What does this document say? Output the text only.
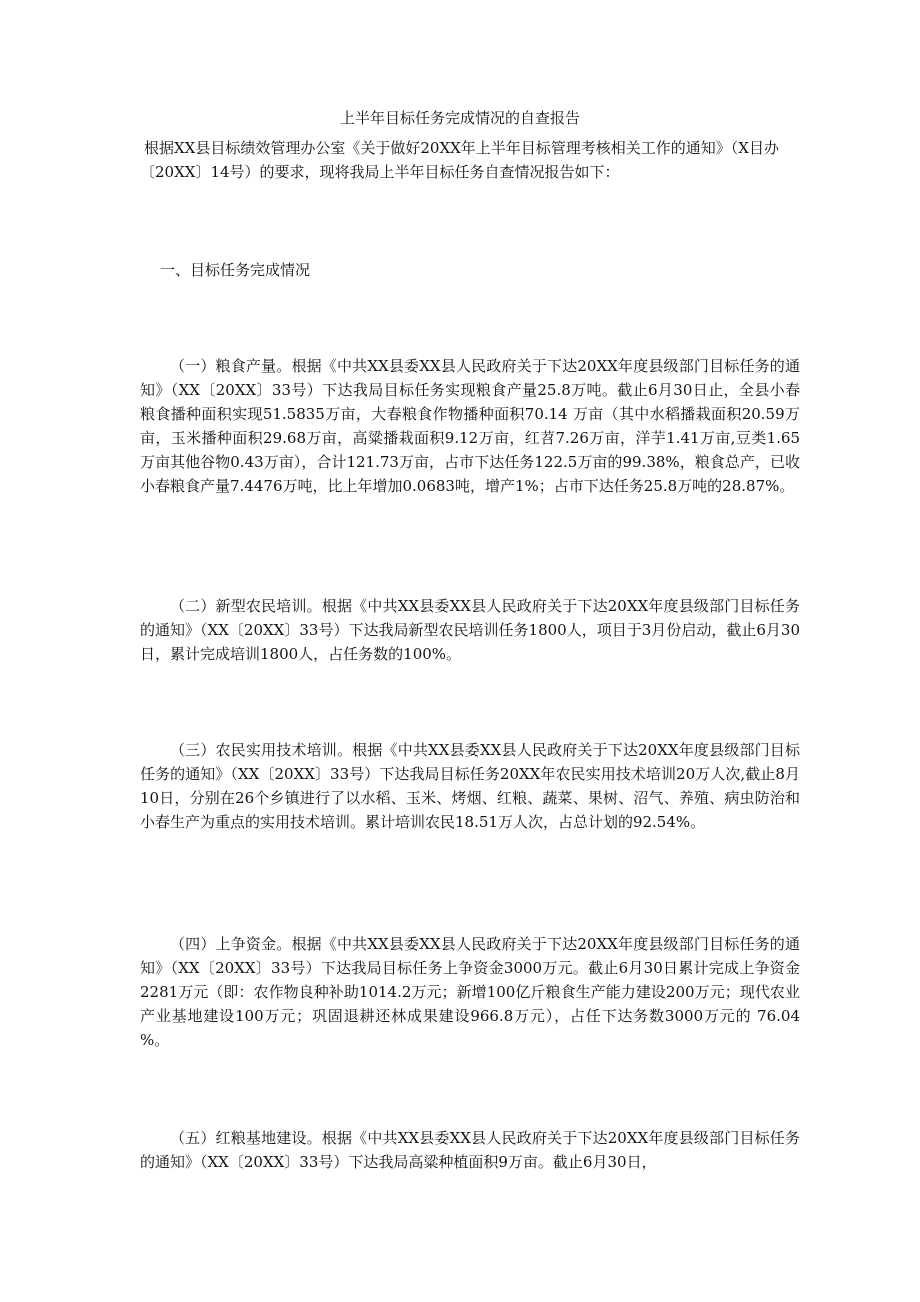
上半年目标任务完成情况的自查报告

根据XX县目标绩效管理办公室《关于做好20XX年上半年目标管理考核相关工作的通知》（X目办〔20XX〕14号）的要求，现将我局上半年目标任务自查情况报告如下：

一、目标任务完成情况

（一）粮食产量。根据《中共XX县委XX县人民政府关于下达20XX年度县级部门目标任务的通知》（XX〔20XX〕33号）下达我局目标任务实现粮食产量25.8万吨。截止6月30日止，全县小春粮食播种面积实现51.5835万亩，大春粮食作物播种面积70.14 万亩（其中水稻播栽面积20.59万亩，玉米播种面积29.68万亩，高粱播栽面积9.12万亩，红苕7.26万亩，洋芋1.41万亩,豆类1.65万亩其他谷物0.43万亩），合计121.73万亩，占市下达任务122.5万亩的99.38%，粮食总产，已收小春粮食产量7.4476万吨，比上年增加0.0683吨，增产1%；占市下达任务25.8万吨的28.87%。

（二）新型农民培训。根据《中共XX县委XX县人民政府关于下达20XX年度县级部门目标任务的通知》（XX〔20XX〕33号）下达我局新型农民培训任务1800人，项目于3月份启动，截止6月30日，累计完成培训1800人，占任务数的100%。

（三）农民实用技术培训。根据《中共XX县委XX县人民政府关于下达20XX年度县级部门目标任务的通知》（XX〔20XX〕33号）下达我局目标任务20XX年农民实用技术培训20万人次,截止8月10日，分别在26个乡镇进行了以水稻、玉米、烤烟、红粮、蔬菜、果树、沼气、养殖、病虫防治和小春生产为重点的实用技术培训。累计培训农民18.51万人次，占总计划的92.54%。

（四）上争资金。根据《中共XX县委XX县人民政府关于下达20XX年度县级部门目标任务的通知》（XX〔20XX〕33号）下达我局目标任务上争资金3000万元。截止6月30日累计完成上争资金2281万元（即：农作物良种补助1014.2万元；新增100亿斤粮食生产能力建设200万元；现代农业产业基地建设100万元；巩固退耕还林成果建设966.8万元），占任下达务数3000万元的 76.04 %。

（五）红粮基地建设。根据《中共XX县委XX县人民政府关于下达20XX年度县级部门目标任务的通知》（XX〔20XX〕33号）下达我局高粱种植面积9万亩。截止6月30日，
